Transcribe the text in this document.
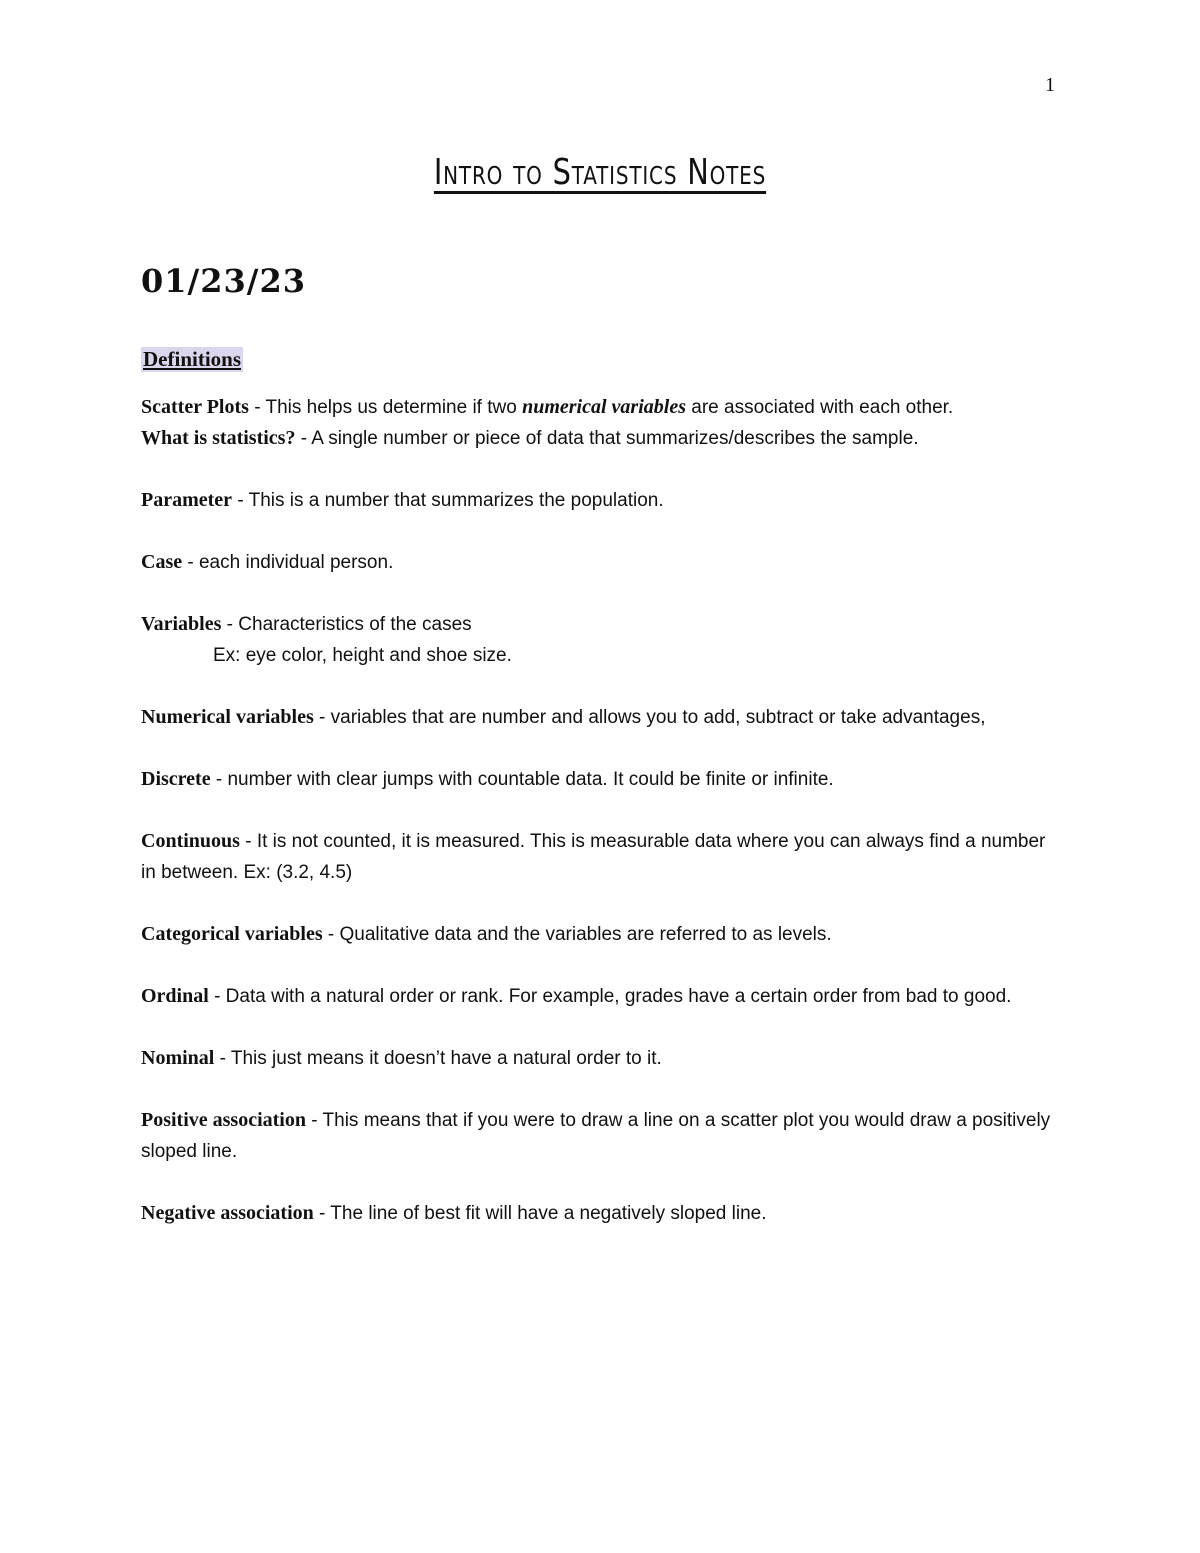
1
Intro to Statistics Notes
01/23/23
Definitions

Scatter Plots - This helps us determine if two numerical variables are associated with each other.

What is statistics? - A single number or piece of data that summarizes/describes the sample.

Parameter - This is a number that summarizes the population.

Case - each individual person.

Variables - Characteristics of the cases
Ex: eye color, height and shoe size.

Numerical variables - variables that are number and allows you to add, subtract or take advantages,

Discrete - number with clear jumps with countable data. It could be finite or infinite.

Continuous - It is not counted, it is measured. This is measurable data where you can always find a number in between. Ex: (3.2, 4.5)

Categorical variables - Qualitative data and the variables are referred to as levels.

Ordinal - Data with a natural order or rank. For example, grades have a certain order from bad to good.

Nominal - This just means it doesn’t have a natural order to it.

Positive association - This means that if you were to draw a line on a scatter plot you would draw a positively sloped line.

Negative association - The line of best fit will have a negatively sloped line.
